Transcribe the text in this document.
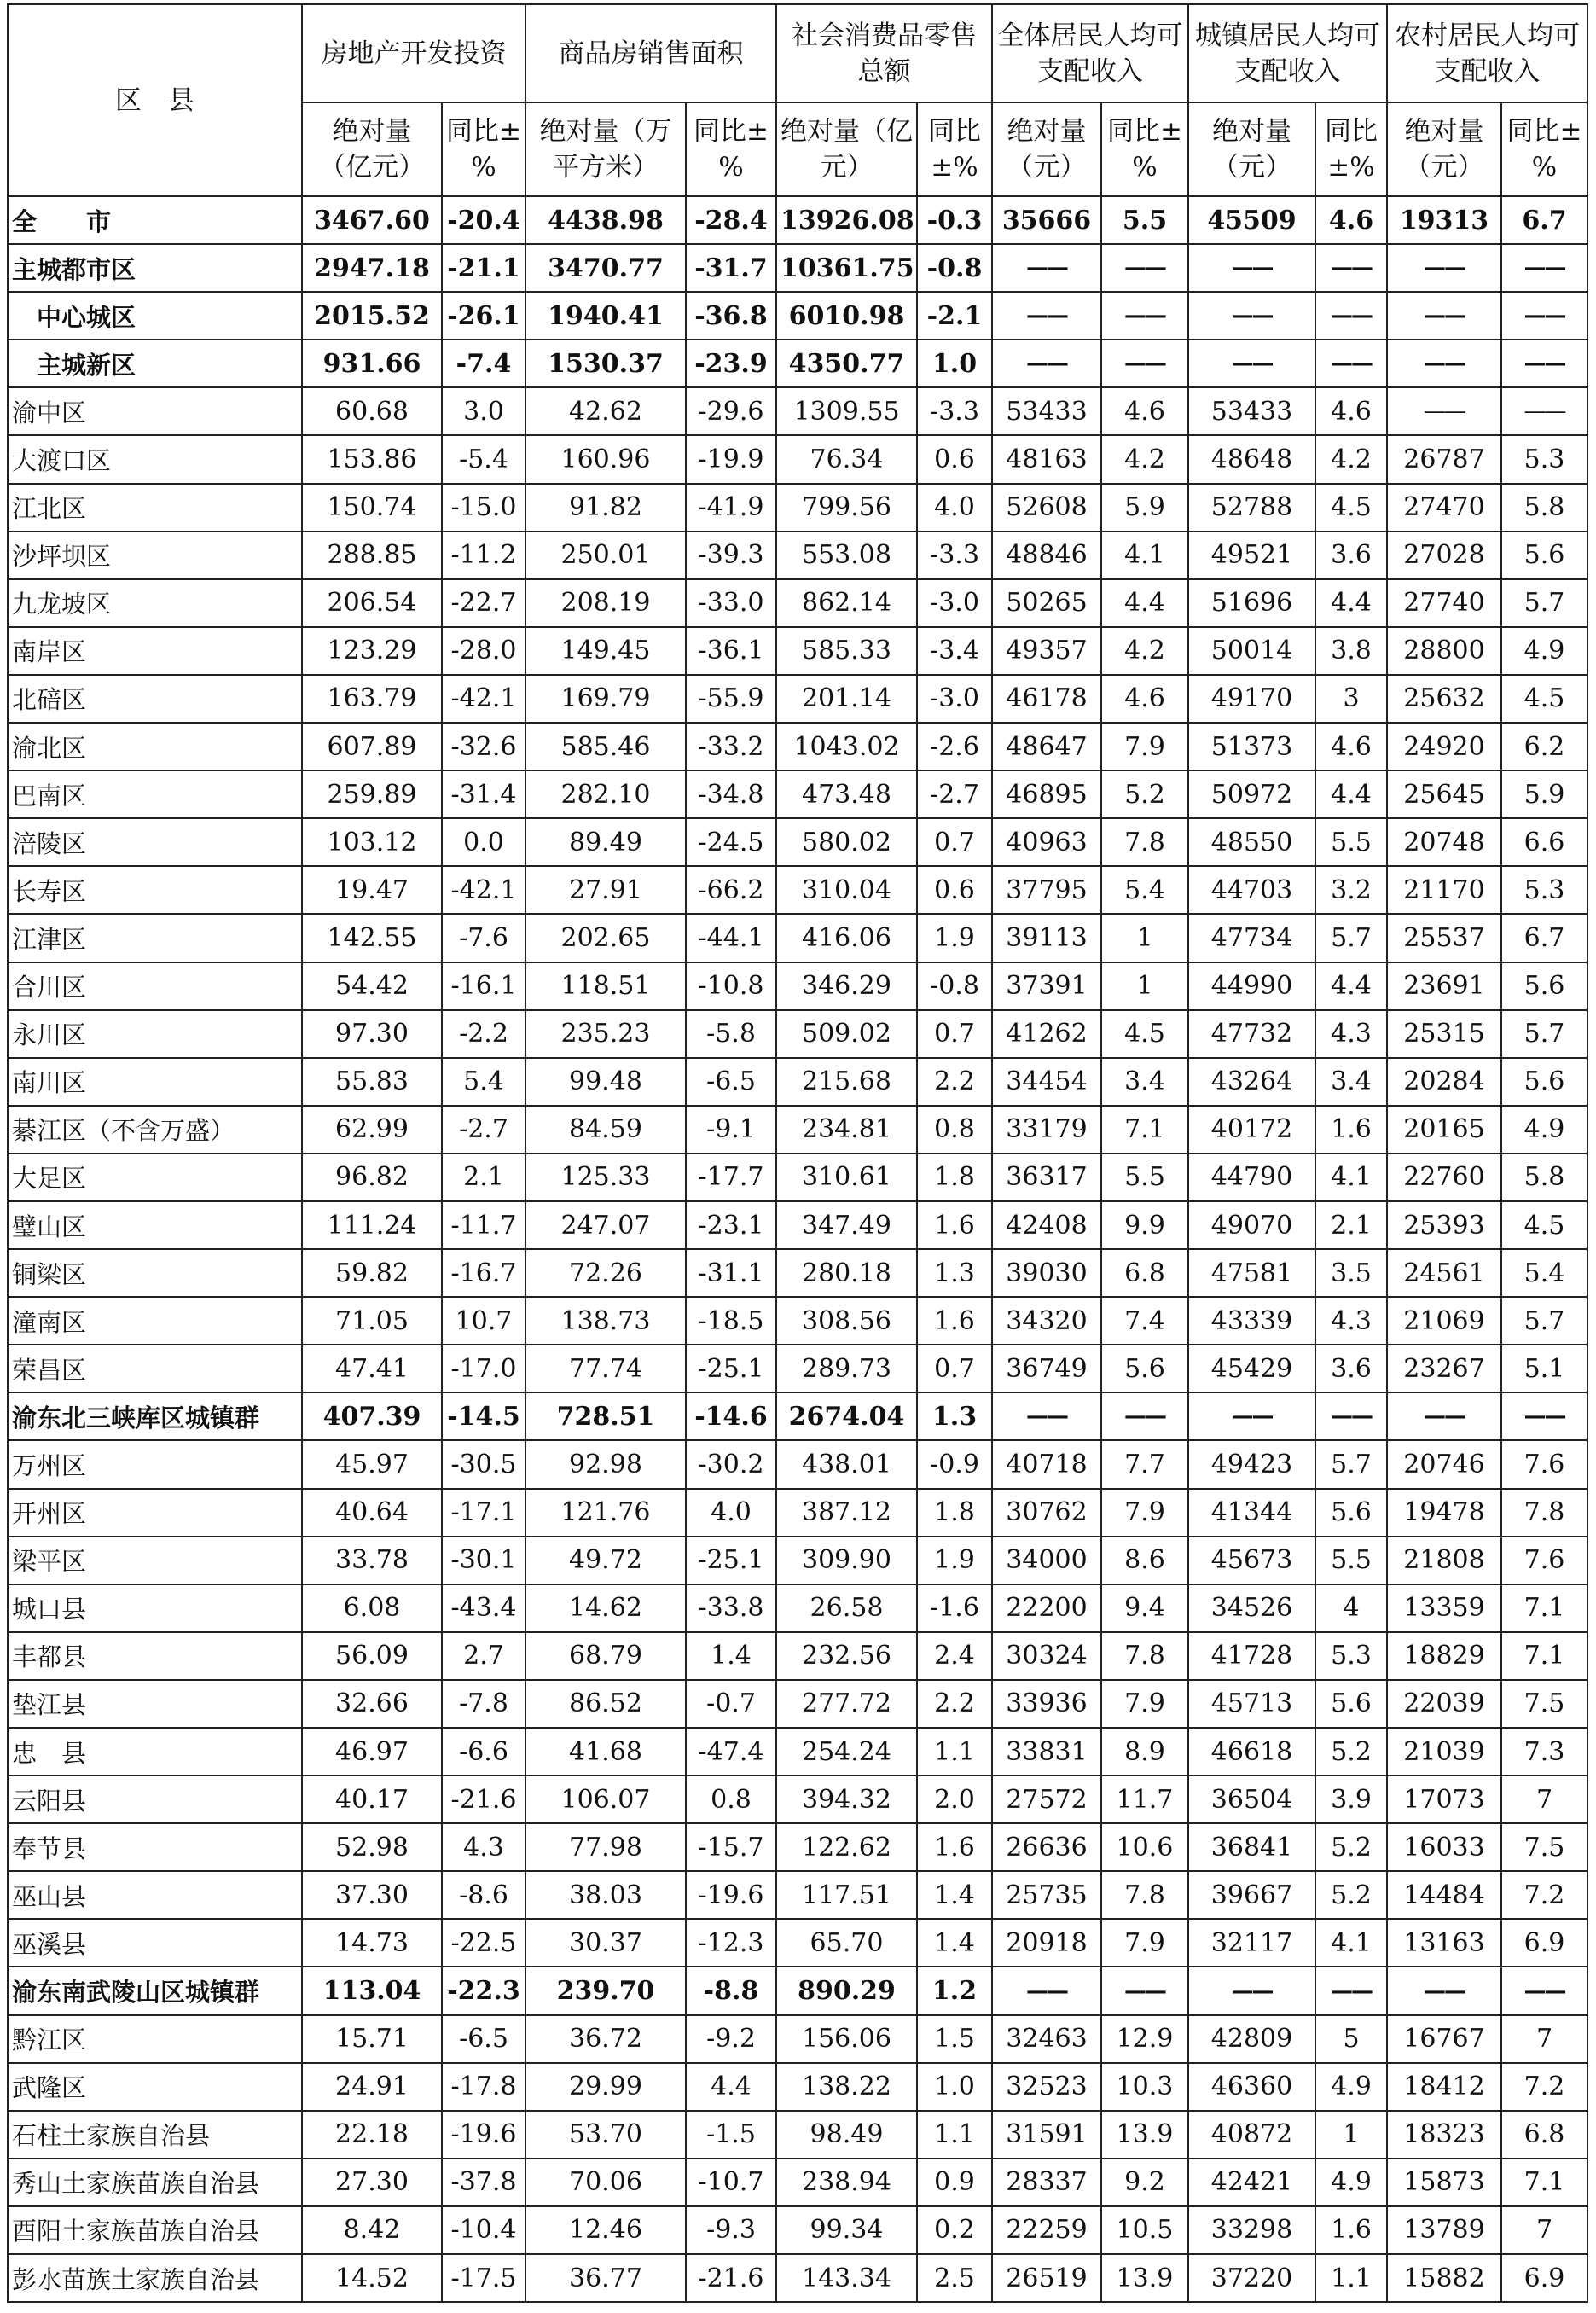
区　县	房地产开发投资		商品房销售面积		社会消费品零售总额		全体居民人均可支配收入		城镇居民人均可支配收入		农村居民人均可支配收入	
	绝对量（亿元）	同比±%	绝对量（万平方米）	同比±%	绝对量（亿元）	同比±%	绝对量（元）	同比±%	绝对量（元）	同比±%	绝对量（元）	同比±%
全　　市	3467.60	-20.4	4438.98	-28.4	13926.08	-0.3	35666	5.5	45509	4.6	19313	6.7
主城都市区	2947.18	-21.1	3470.77	-31.7	10361.75	-0.8	——	——	——	——	——	——
　中心城区	2015.52	-26.1	1940.41	-36.8	6010.98	-2.1	——	——	——	——	——	——
　主城新区	931.66	-7.4	1530.37	-23.9	4350.77	1.0	——	——	——	——	——	——
渝中区	60.68	3.0	42.62	-29.6	1309.55	-3.3	53433	4.6	53433	4.6	——	——
大渡口区	153.86	-5.4	160.96	-19.9	76.34	0.6	48163	4.2	48648	4.2	26787	5.3
江北区	150.74	-15.0	91.82	-41.9	799.56	4.0	52608	5.9	52788	4.5	27470	5.8
沙坪坝区	288.85	-11.2	250.01	-39.3	553.08	-3.3	48846	4.1	49521	3.6	27028	5.6
九龙坡区	206.54	-22.7	208.19	-33.0	862.14	-3.0	50265	4.4	51696	4.4	27740	5.7
南岸区	123.29	-28.0	149.45	-36.1	585.33	-3.4	49357	4.2	50014	3.8	28800	4.9
北碚区	163.79	-42.1	169.79	-55.9	201.14	-3.0	46178	4.6	49170	3	25632	4.5
渝北区	607.89	-32.6	585.46	-33.2	1043.02	-2.6	48647	7.9	51373	4.6	24920	6.2
巴南区	259.89	-31.4	282.10	-34.8	473.48	-2.7	46895	5.2	50972	4.4	25645	5.9
涪陵区	103.12	0.0	89.49	-24.5	580.02	0.7	40963	7.8	48550	5.5	20748	6.6
长寿区	19.47	-42.1	27.91	-66.2	310.04	0.6	37795	5.4	44703	3.2	21170	5.3
江津区	142.55	-7.6	202.65	-44.1	416.06	1.9	39113	1	47734	5.7	25537	6.7
合川区	54.42	-16.1	118.51	-10.8	346.29	-0.8	37391	1	44990	4.4	23691	5.6
永川区	97.30	-2.2	235.23	-5.8	509.02	0.7	41262	4.5	47732	4.3	25315	5.7
南川区	55.83	5.4	99.48	-6.5	215.68	2.2	34454	3.4	43264	3.4	20284	5.6
綦江区（不含万盛）	62.99	-2.7	84.59	-9.1	234.81	0.8	33179	7.1	40172	1.6	20165	4.9
大足区	96.82	2.1	125.33	-17.7	310.61	1.8	36317	5.5	44790	4.1	22760	5.8
璧山区	111.24	-11.7	247.07	-23.1	347.49	1.6	42408	9.9	49070	2.1	25393	4.5
铜梁区	59.82	-16.7	72.26	-31.1	280.18	1.3	39030	6.8	47581	3.5	24561	5.4
潼南区	71.05	10.7	138.73	-18.5	308.56	1.6	34320	7.4	43339	4.3	21069	5.7
荣昌区	47.41	-17.0	77.74	-25.1	289.73	0.7	36749	5.6	45429	3.6	23267	5.1
渝东北三峡库区城镇群	407.39	-14.5	728.51	-14.6	2674.04	1.3	——	——	——	——	——	——
万州区	45.97	-30.5	92.98	-30.2	438.01	-0.9	40718	7.7	49423	5.7	20746	7.6
开州区	40.64	-17.1	121.76	4.0	387.12	1.8	30762	7.9	41344	5.6	19478	7.8
梁平区	33.78	-30.1	49.72	-25.1	309.90	1.9	34000	8.6	45673	5.5	21808	7.6
城口县	6.08	-43.4	14.62	-33.8	26.58	-1.6	22200	9.4	34526	4	13359	7.1
丰都县	56.09	2.7	68.79	1.4	232.56	2.4	30324	7.8	41728	5.3	18829	7.1
垫江县	32.66	-7.8	86.52	-0.7	277.72	2.2	33936	7.9	45713	5.6	22039	7.5
忠　县	46.97	-6.6	41.68	-47.4	254.24	1.1	33831	8.9	46618	5.2	21039	7.3
云阳县	40.17	-21.6	106.07	0.8	394.32	2.0	27572	11.7	36504	3.9	17073	7
奉节县	52.98	4.3	77.98	-15.7	122.62	1.6	26636	10.6	36841	5.2	16033	7.5
巫山县	37.30	-8.6	38.03	-19.6	117.51	1.4	25735	7.8	39667	5.2	14484	7.2
巫溪县	14.73	-22.5	30.37	-12.3	65.70	1.4	20918	7.9	32117	4.1	13163	6.9
渝东南武陵山区城镇群	113.04	-22.3	239.70	-8.8	890.29	1.2	——	——	——	——	——	——
黔江区	15.71	-6.5	36.72	-9.2	156.06	1.5	32463	12.9	42809	5	16767	7
武隆区	24.91	-17.8	29.99	4.4	138.22	1.0	32523	10.3	46360	4.9	18412	7.2
石柱土家族自治县	22.18	-19.6	53.70	-1.5	98.49	1.1	31591	13.9	40872	1	18323	6.8
秀山土家族苗族自治县	27.30	-37.8	70.06	-10.7	238.94	0.9	28337	9.2	42421	4.9	15873	7.1
酉阳土家族苗族自治县	8.42	-10.4	12.46	-9.3	99.34	0.2	22259	10.5	33298	1.6	13789	7
彭水苗族土家族自治县	14.52	-17.5	36.77	-21.6	143.34	2.5	26519	13.9	37220	1.1	15882	6.9
